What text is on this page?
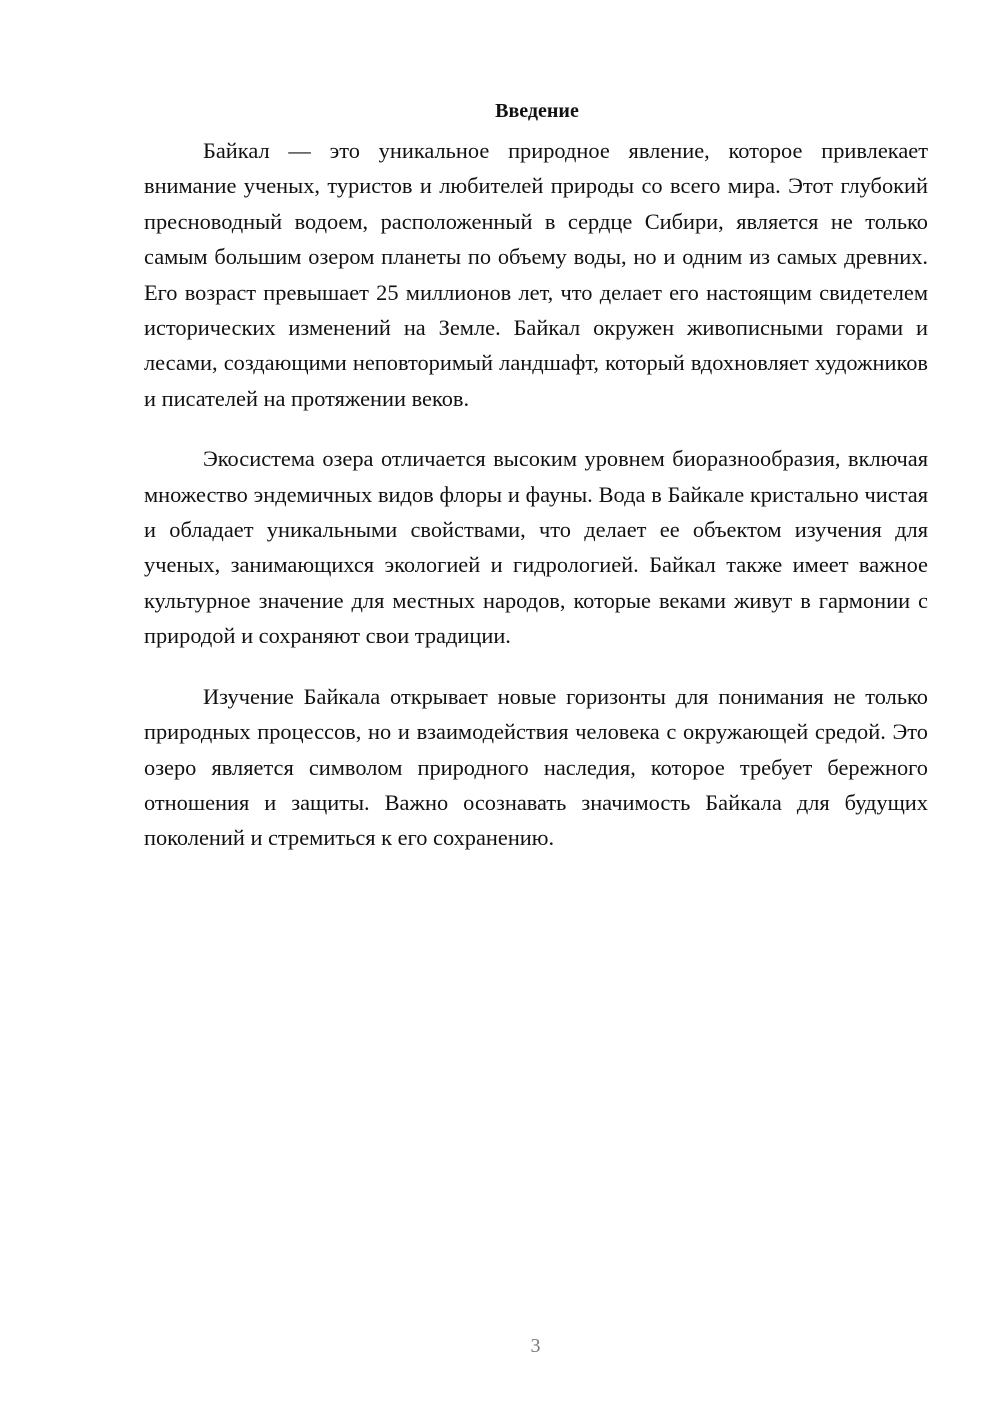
Введение

Байкал — это уникальное природное явление, которое привлекает внимание ученых, туристов и любителей природы со всего мира. Этот глубокий пресноводный водоем, расположенный в сердце Сибири, является не только самым большим озером планеты по объему воды, но и одним из самых древних. Его возраст превышает 25 миллионов лет, что делает его настоящим свидетелем исторических изменений на Земле. Байкал окружен живописными горами и лесами, создающими неповторимый ландшафт, который вдохновляет художников и писателей на протяжении веков.

Экосистема озера отличается высоким уровнем биоразнообразия, включая множество эндемичных видов флоры и фауны. Вода в Байкале кристально чистая и обладает уникальными свойствами, что делает ее объектом изучения для ученых, занимающихся экологией и гидрологией. Байкал также имеет важное культурное значение для местных народов, которые веками живут в гармонии с природой и сохраняют свои традиции.

Изучение Байкала открывает новые горизонты для понимания не только природных процессов, но и взаимодействия человека с окружающей средой. Это озеро является символом природного наследия, которое требует бережного отношения и защиты. Важно осознавать значимость Байкала для будущих поколений и стремиться к его сохранению.

3
